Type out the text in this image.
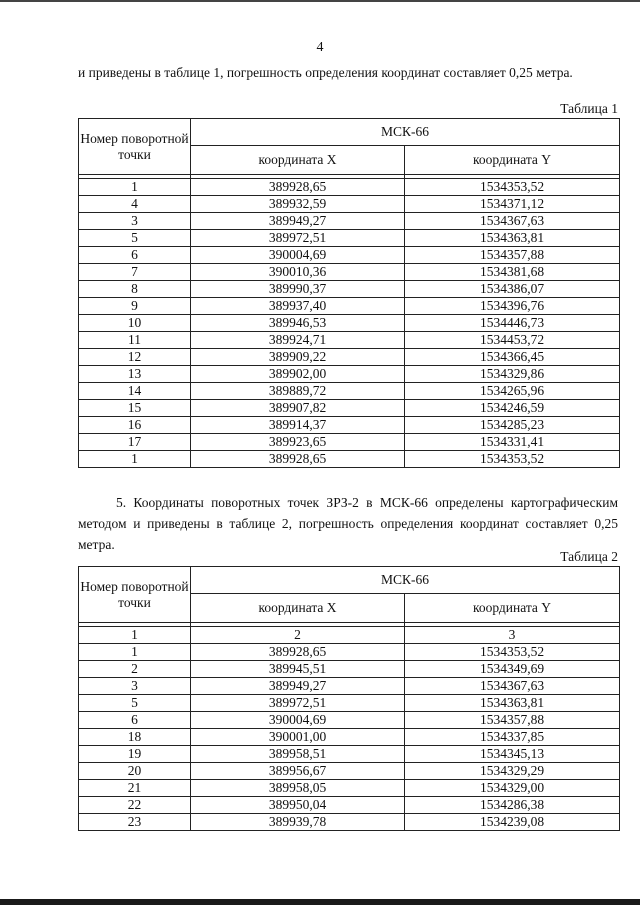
4

и приведены в таблице 1, погрешность определения координат составляет 0,25 метра.

Таблица 1
Номер поворотной точки	МСК-66	
	координата X	координата Y

1	389928,65	1534353,52
4	389932,59	1534371,12
3	389949,27	1534367,63
5	389972,51	1534363,81
6	390004,69	1534357,88
7	390010,36	1534381,68
8	389990,37	1534386,07
9	389937,40	1534396,76
10	389946,53	1534446,73
11	389924,71	1534453,72
12	389909,22	1534366,45
13	389902,00	1534329,86
14	389889,72	1534265,96
15	389907,82	1534246,59
16	389914,37	1534285,23
17	389923,65	1534331,41
1	389928,65	1534353,52

5. Координаты поворотных точек ЗРЗ-2 в МСК-66 определены картографическим методом и приведены в таблице 2, погрешность определения координат составляет 0,25 метра.

Таблица 2
Номер поворотной точки	МСК-66	
	координата X	координата Y

1	2	3
1	389928,65	1534353,52
2	389945,51	1534349,69
3	389949,27	1534367,63
5	389972,51	1534363,81
6	390004,69	1534357,88
18	390001,00	1534337,85
19	389958,51	1534345,13
20	389956,67	1534329,29
21	389958,05	1534329,00
22	389950,04	1534286,38
23	389939,78	1534239,08
